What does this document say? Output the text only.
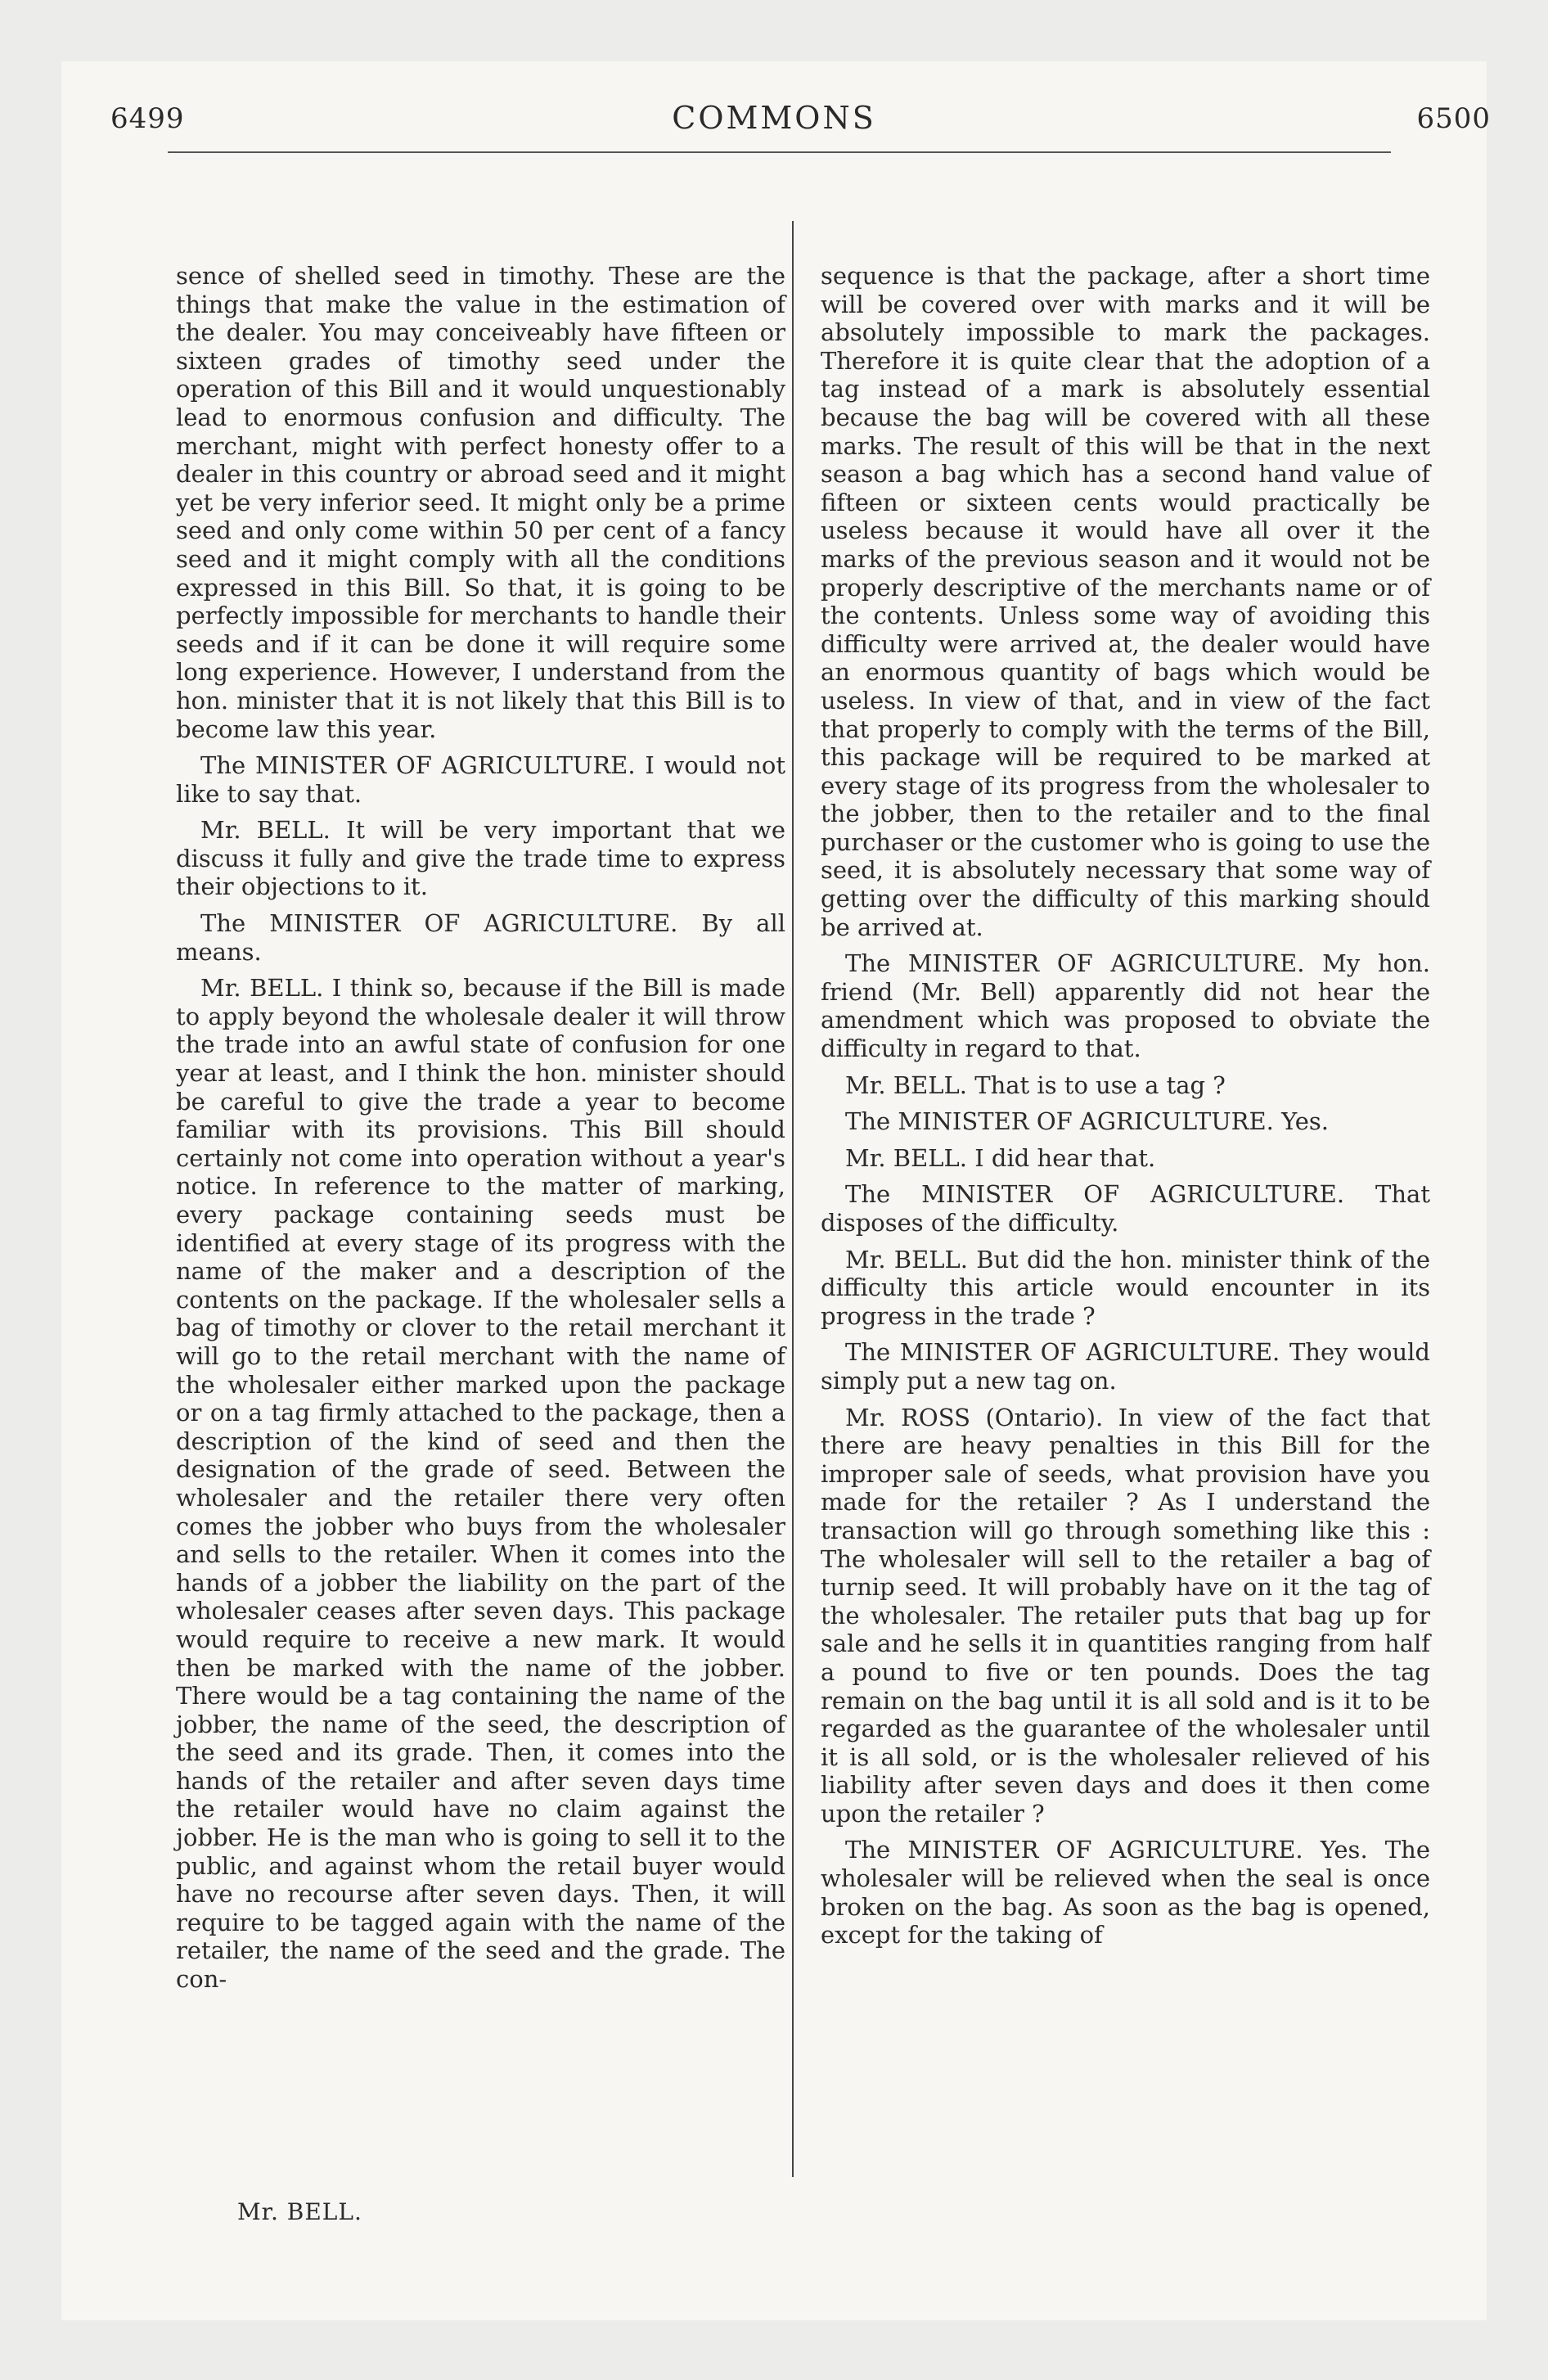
6499	COMMONS	6500

sence of shelled seed in timothy. These are the things that make the value in the estimation of the dealer. You may conceiveably have fifteen or sixteen grades of timothy seed under the operation of this Bill and it would unquestionably lead to enormous confusion and difficulty. The merchant, might with perfect honesty offer to a dealer in this country or abroad seed and it might yet be very inferior seed. It might only be a prime seed and only come within 50 per cent of a fancy seed and it might comply with all the conditions expressed in this Bill. So that, it is going to be perfectly impossible for merchants to handle their seeds and if it can be done it will require some long experience. However, I understand from the hon. minister that it is not likely that this Bill is to become law this year.

The MINISTER OF AGRICULTURE. I would not like to say that.

Mr. BELL. It will be very important that we discuss it fully and give the trade time to express their objections to it.

The MINISTER OF AGRICULTURE. By all means.

Mr. BELL. I think so, because if the Bill is made to apply beyond the wholesale dealer it will throw the trade into an awful state of confusion for one year at least, and I think the hon. minister should be careful to give the trade a year to become familiar with its provisions. This Bill should certainly not come into operation without a year's notice. In reference to the matter of marking, every package containing seeds must be identified at every stage of its progress with the name of the maker and a description of the contents on the package. If the wholesaler sells a bag of timothy or clover to the retail merchant it will go to the retail merchant with the name of the wholesaler either marked upon the package or on a tag firmly attached to the package, then a description of the kind of seed and then the designation of the grade of seed. Between the wholesaler and the retailer there very often comes the jobber who buys from the wholesaler and sells to the retailer. When it comes into the hands of a jobber the liability on the part of the wholesaler ceases after seven days. This package would require to receive a new mark. It would then be marked with the name of the jobber. There would be a tag containing the name of the jobber, the name of the seed, the description of the seed and its grade. Then, it comes into the hands of the retailer and after seven days time the retailer would have no claim against the jobber. He is the man who is going to sell it to the public, and against whom the retail buyer would have no recourse after seven days. Then, it will require to be tagged again with the name of the retailer, the name of the seed and the grade. The con-

sequence is that the package, after a short time will be covered over with marks and it will be absolutely impossible to mark the packages. Therefore it is quite clear that the adoption of a tag instead of a mark is absolutely essential because the bag will be covered with all these marks. The result of this will be that in the next season a bag which has a second hand value of fifteen or sixteen cents would practically be useless because it would have all over it the marks of the previous season and it would not be properly descriptive of the merchants name or of the contents. Unless some way of avoiding this difficulty were arrived at, the dealer would have an enormous quantity of bags which would be useless. In view of that, and in view of the fact that properly to comply with the terms of the Bill, this package will be required to be marked at every stage of its progress from the wholesaler to the jobber, then to the retailer and to the final purchaser or the customer who is going to use the seed, it is absolutely necessary that some way of getting over the difficulty of this marking should be arrived at.

The MINISTER OF AGRICULTURE. My hon. friend (Mr. Bell) apparently did not hear the amendment which was proposed to obviate the difficulty in regard to that.

Mr. BELL. That is to use a tag ?

The MINISTER OF AGRICULTURE. Yes.

Mr. BELL. I did hear that.

The MINISTER OF AGRICULTURE. That disposes of the difficulty.

Mr. BELL. But did the hon. minister think of the difficulty this article would encounter in its progress in the trade ?

The MINISTER OF AGRICULTURE. They would simply put a new tag on.

Mr. ROSS (Ontario). In view of the fact that there are heavy penalties in this Bill for the improper sale of seeds, what provision have you made for the retailer ? As I understand the transaction will go through something like this : The wholesaler will sell to the retailer a bag of turnip seed. It will probably have on it the tag of the wholesaler. The retailer puts that bag up for sale and he sells it in quantities ranging from half a pound to five or ten pounds. Does the tag remain on the bag until it is all sold and is it to be regarded as the guarantee of the wholesaler until it is all sold, or is the wholesaler relieved of his liability after seven days and does it then come upon the retailer ?

The MINISTER OF AGRICULTURE. Yes. The wholesaler will be relieved when the seal is once broken on the bag. As soon as the bag is opened, except for the taking of

Mr. BELL.
